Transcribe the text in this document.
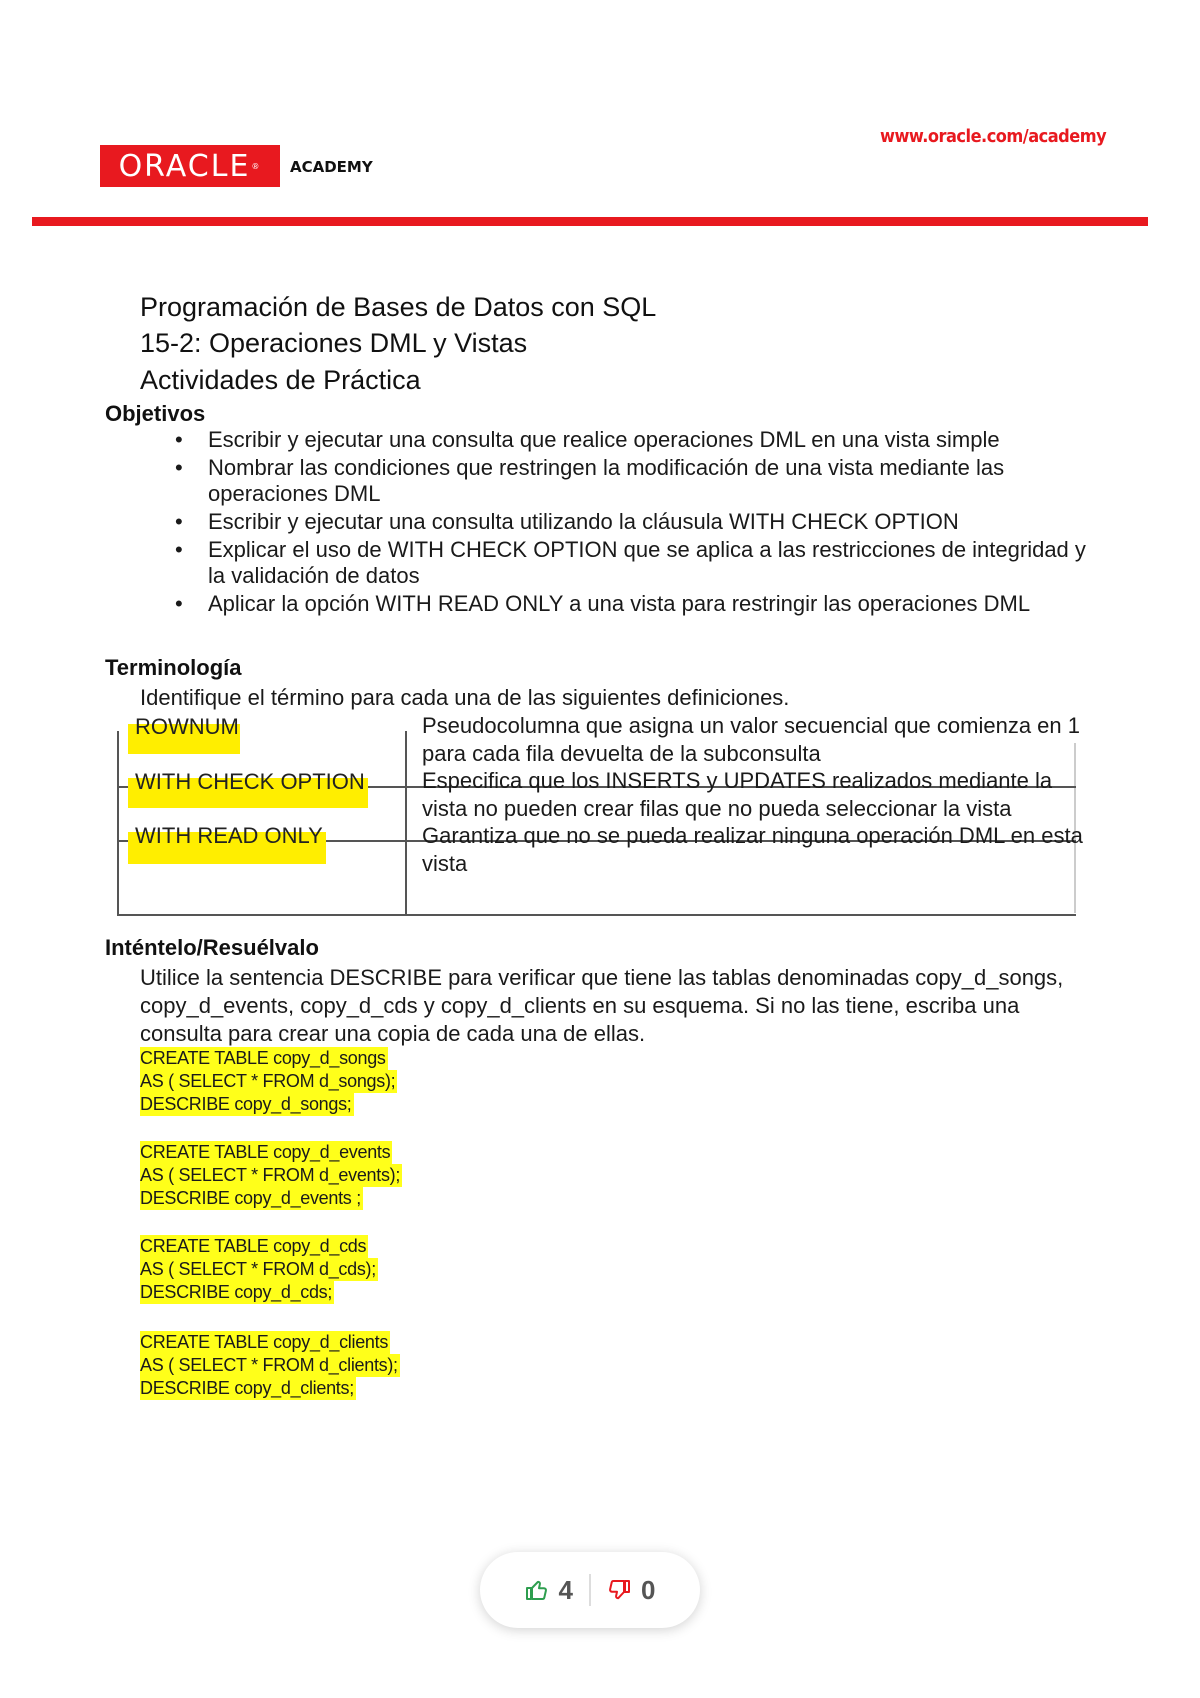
ORACLE ® ACADEMY
www.oracle.com/academy
Programación de Bases de Datos con SQL
15-2: Operaciones DML y Vistas
Actividades de Práctica
Objetivos
• Escribir y ejecutar una consulta que realice operaciones DML en una vista simple
• Nombrar las condiciones que restringen la modificación de una vista mediante las operaciones DML
• Escribir y ejecutar una consulta utilizando la cláusula WITH CHECK OPTION
• Explicar el uso de WITH CHECK OPTION que se aplica a las restricciones de integridad y la validación de datos
• Aplicar la opción WITH READ ONLY a una vista para restringir las operaciones DML
Terminología
Identifique el término para cada una de las siguientes definiciones.
ROWNUM
WITH CHECK OPTION
WITH READ ONLY
Pseudocolumna que asigna un valor secuencial que comienza en 1 para cada fila devuelta de la subconsulta
Especifica que los INSERTS y UPDATES realizados mediante la vista no pueden crear filas que no pueda seleccionar la vista
Garantiza que no se pueda realizar ninguna operación DML en esta vista
Inténtelo/Resuélvalo
Utilice la sentencia DESCRIBE para verificar que tiene las tablas denominadas copy_d_songs, copy_d_events, copy_d_cds y copy_d_clients en su esquema. Si no las tiene, escriba una consulta para crear una copia de cada una de ellas.
CREATE TABLE copy_d_songs
AS ( SELECT * FROM d_songs);
DESCRIBE copy_d_songs;
CREATE TABLE copy_d_events
AS ( SELECT * FROM d_events);
DESCRIBE copy_d_events ;
CREATE TABLE copy_d_cds
AS ( SELECT * FROM d_cds);
DESCRIBE copy_d_cds;
CREATE TABLE copy_d_clients
AS ( SELECT * FROM d_clients);
DESCRIBE copy_d_clients;
4	0
